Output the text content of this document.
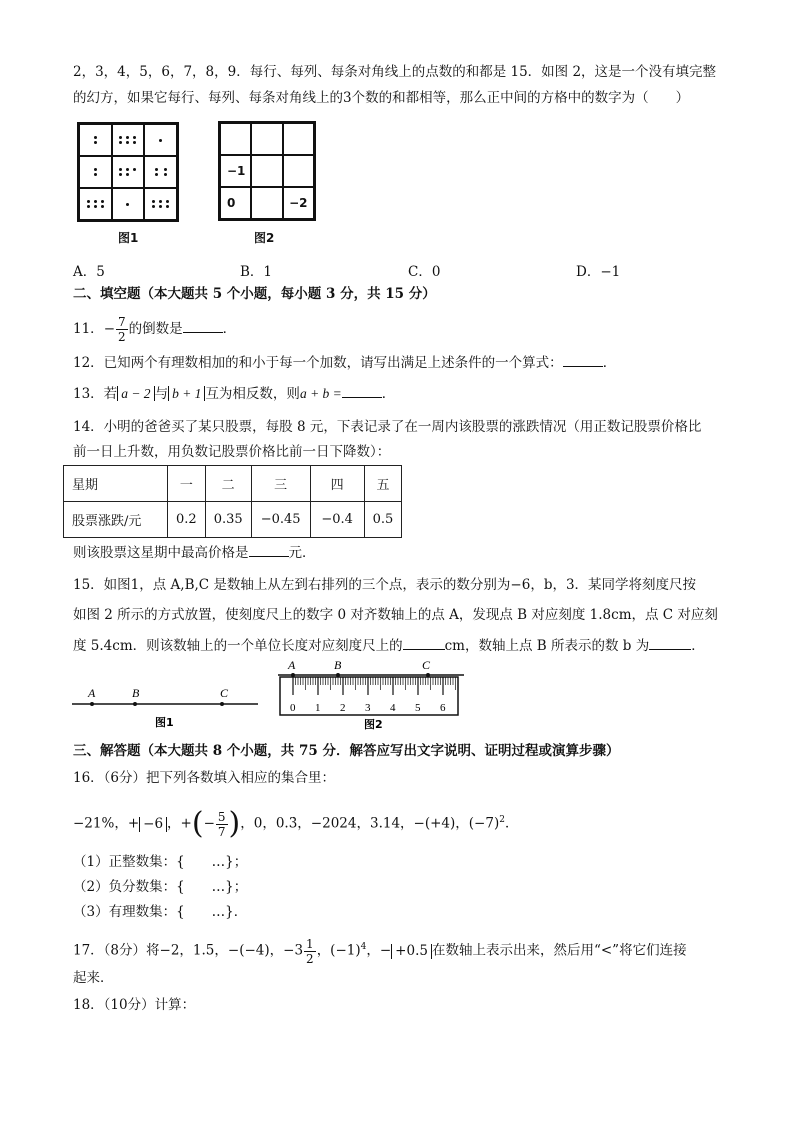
2，3，4，5，6，7，8，9．每行、每列、每条对角线上的点数的和都是 15．如图 2，这是一个没有填完整
的幻方，如果它每行、每列、每条对角线上的3个数的和都相等，那么正中间的方格中的数字为（　　）
图1
−1
0	−2
图2
A．5	B．1	C．0	D．−1
二、填空题（本大题共 5 个小题，每小题 3 分，共 15 分）
11．− $\frac{7}{2}$ 的倒数是	．
12．已知两个有理数相加的和小于每一个加数，请写出满足上述条件的一个算式：	．
13．若 a − 2 与 b + 1 互为相反数，则a + b =	．
14．小明的爸爸买了某只股票，每股 8 元，下表记录了在一周内该股票的涨跌情况（用正数记股票价格比
前一日上升数，用负数记股票价格比前一日下降数）：
星期	一	二	三	四	五
股票涨跌/元	0.2	0.35	−0.45	−0.4	0.5
则该股票这星期中最高价格是	元．
15．如图1，点 A,B,C 是数轴上从左到右排列的三个点，表示的数分别为−6，b，3．某同学将刻度尺按
如图 2 所示的方式放置，使刻度尺上的数字 0 对齐数轴上的点 A，发现点 B 对应刻度 1.8cm，点 C 对应刻
度 5.4cm．则该数轴上的一个单位长度对应刻度尺上的	cm，数轴上点 B 所表示的数 b 为	．
A	B	C
图1
A	B	C
0 1 2 3 4 5 6
图2
三、解答题（本大题共 8 个小题，共 75 分．解答应写出文字说明、证明过程或演算步骤）
16．（6分）把下列各数填入相应的集合里：
−21%，+ −6 ，+(− $\frac{5}{7}$ )，0，0.3̇，−2024，3.14，−(+4)，$(-7)^2$．
（1）正整数集：{　　…}；
（2）负分数集：{　　…}；
（3）有理数集：{　　…}．
17．（8分）将−2，1.5，−(−4)，$-3 \frac{1}{2}$ ，$(-1)^4$，− +0.5 在数轴上表示出来，然后用“<”将它们连接
起来．
18．（10分）计算：
